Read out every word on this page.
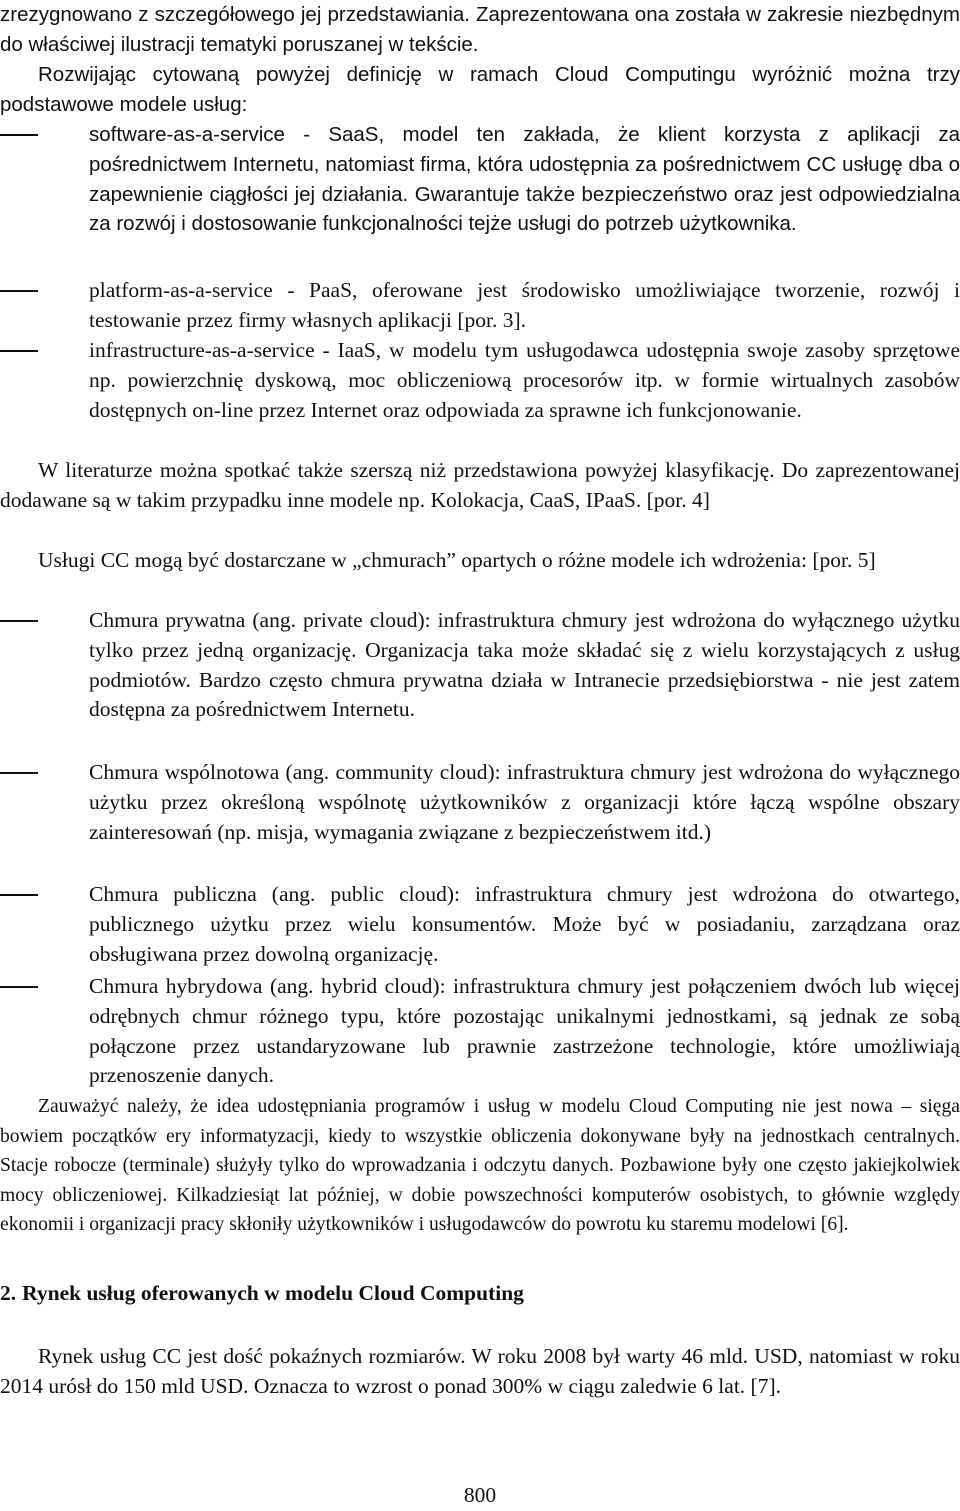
zrezygnowano z szczegółowego jej przedstawiania. Zaprezentowana ona została w zakresie niezbędnym do właściwej ilustracji tematyki poruszanej w tekście.

Rozwijając cytowaną powyżej definicję w ramach Cloud Computingu wyróżnić można trzy podstawowe modele usług:

software-as-a-service - SaaS, model ten zakłada, że klient korzysta z aplikacji za pośrednictwem Internetu, natomiast firma, która udostępnia za pośrednictwem CC usługę dba o zapewnienie ciągłości jej działania. Gwarantuje także bezpieczeństwo oraz jest odpowiedzialna za rozwój i dostosowanie funkcjonalności tejże usługi do potrzeb użytkownika.
platform-as-a-service - PaaS, oferowane jest środowisko umożliwiające tworzenie, rozwój i testowanie przez firmy własnych aplikacji [por. 3].
infrastructure-as-a-service - IaaS, w modelu tym usługodawca udostępnia swoje zasoby sprzętowe np. powierzchnię dyskową, moc obliczeniową procesorów itp. w formie wirtualnych zasobów dostępnych on-line przez Internet oraz odpowiada za sprawne ich funkcjonowanie.

W literaturze można spotkać także szerszą niż przedstawiona powyżej klasyfikację. Do zaprezentowanej dodawane są w takim przypadku inne modele np. Kolokacja, CaaS, IPaaS. [por. 4]

Usługi CC mogą być dostarczane w „chmurach” opartych o różne modele ich wdrożenia: [por. 5]

Chmura prywatna (ang. private cloud): infrastruktura chmury jest wdrożona do wyłącznego użytku tylko przez jedną organizację. Organizacja taka może składać się z wielu korzystających z usług podmiotów. Bardzo często chmura prywatna działa w Intranecie przedsiębiorstwa - nie jest zatem dostępna za pośrednictwem Internetu.
Chmura wspólnotowa (ang. community cloud): infrastruktura chmury jest wdrożona do wyłącznego użytku przez określoną wspólnotę użytkowników z organizacji które łączą wspólne obszary zainteresowań (np. misja, wymagania związane z bezpieczeństwem itd.)
Chmura publiczna (ang. public cloud): infrastruktura chmury jest wdrożona do otwartego, publicznego użytku przez wielu konsumentów. Może być w posiadaniu, zarządzana oraz obsługiwana przez dowolną organizację.
Chmura hybrydowa (ang. hybrid cloud): infrastruktura chmury jest połączeniem dwóch lub więcej odrębnych chmur różnego typu, które pozostając unikalnymi jednostkami, są jednak ze sobą połączone przez ustandaryzowane lub prawnie zastrzeżone technologie, które umożliwiają przenoszenie danych.

Zauważyć należy, że idea udostępniania programów i usług w modelu Cloud Computing nie jest nowa – sięga bowiem początków ery informatyzacji, kiedy to wszystkie obliczenia dokonywane były na jednostkach centralnych. Stacje robocze (terminale) służyły tylko do wprowadzania i odczytu danych. Pozbawione były one często jakiejkolwiek mocy obliczeniowej. Kilkadziesiąt lat później, w dobie powszechności komputerów osobistych, to głównie względy ekonomii i organizacji pracy skłoniły użytkowników i usługodawców do powrotu ku staremu modelowi [6].

2. Rynek usług oferowanych w modelu Cloud Computing

Rynek usług CC jest dość pokaźnych rozmiarów. W roku 2008 był warty 46 mld. USD, natomiast w roku 2014 urósł do 150 mld USD. Oznacza to wzrost o ponad 300% w ciągu zaledwie 6 lat. [7].

800
